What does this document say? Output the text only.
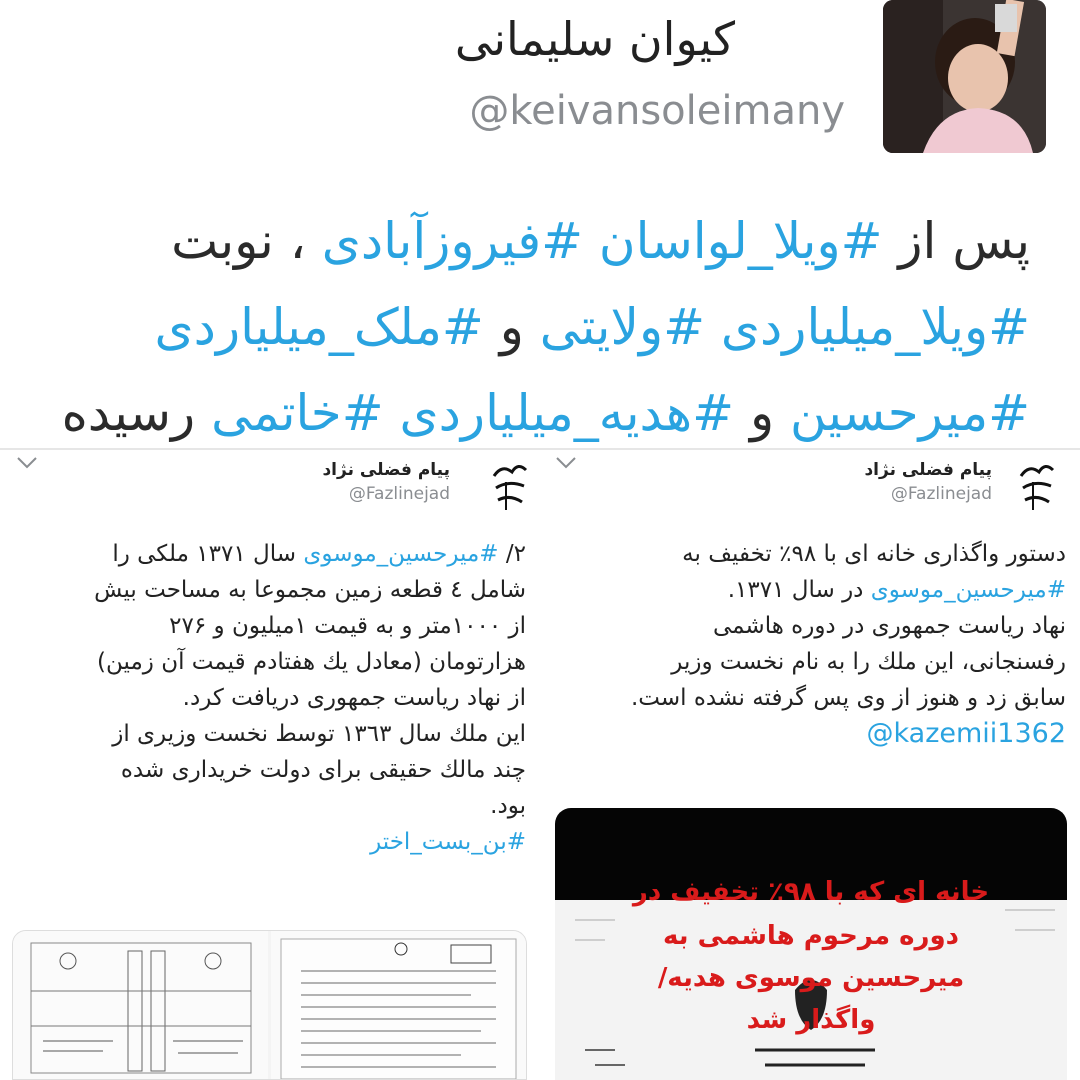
کیوان سلیمانی
@keivansoleimany
پس از #ویلا_لواسان #فیروزآبادی ، نوبت
#ویلا_میلیاردی #ولایتی و #ملک_میلیاردی
#میرحسین و #هدیه_میلیاردی #خاتمی رسیده
پیام فضلی نژاد
@Fazlinejad
۲/ #میرحسین_موسوی سال ۱۳۷۱ ملکی را
شامل ٤ قطعه زمین مجموعا به مساحت بیش
از ۱۰۰۰متر و به قیمت ۱میلیون و ۲۷۶
هزارتومان (معادل یك هفتادم قیمت آن زمین)
از نهاد ریاست جمهوری دریافت کرد.
این ملك سال ۱۳٦۳ توسط نخست وزیری از
چند مالك حقیقی برای دولت خریداری شده
بود.
#بن_بست_اختر
پیام فضلی نژاد
@Fazlinejad
دستور واگذاری خانه ای با ۹۸٪ تخفیف به
#میرحسین_موسوی در سال ۱۳۷۱.
نهاد ریاست جمهوری در دوره هاشمی
رفسنجانی، این ملك را به نام نخست وزیر
سابق زد و هنوز از وی پس گرفته نشده است.
@kazemii1362
خانه ای که با ۹۸٪ تخفیف در
دوره مرحوم هاشمی به
میرحسین موسوی هدیه/
واگذار شد
